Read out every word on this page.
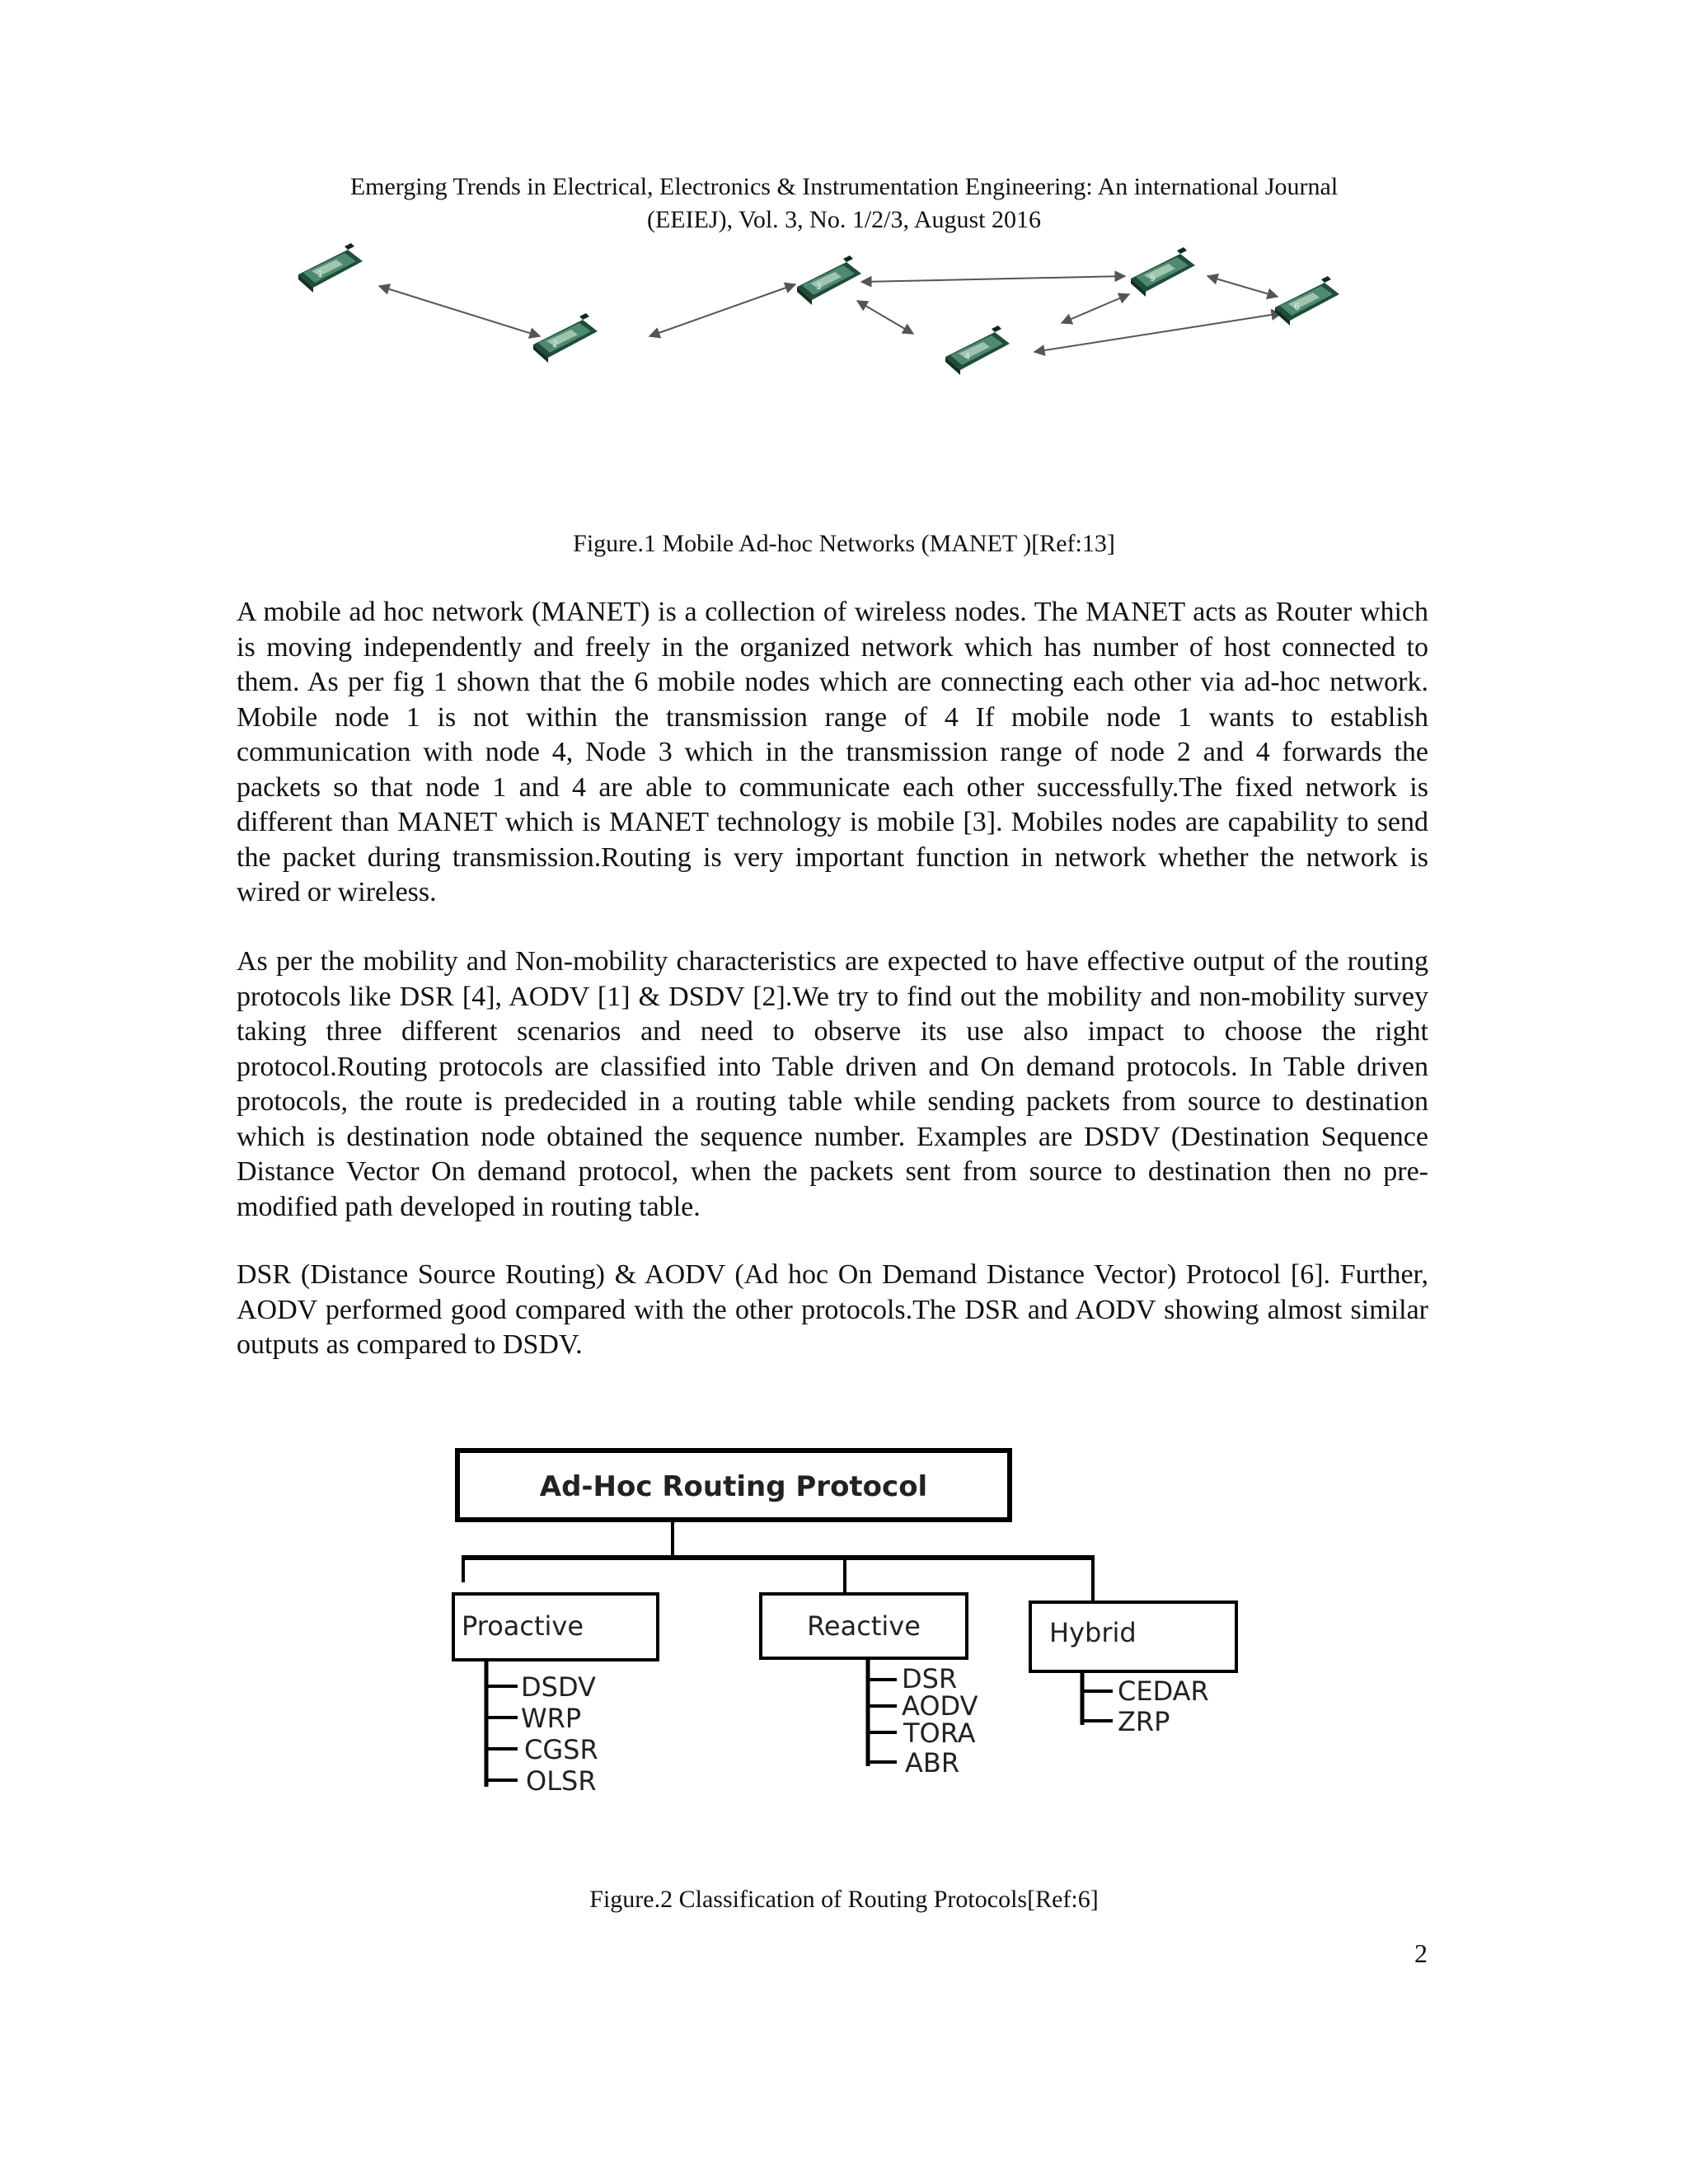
Emerging Trends in Electrical, Electronics & Instrumentation Engineering: An international Journal
(EEIEJ), Vol. 3, No. 1/2/3, August 2016
1
2
3
4
5
6
Figure.1 Mobile Ad-hoc Networks (MANET )[Ref:13]

A mobile ad hoc network (MANET) is a collection of wireless nodes. The MANET acts as Router which is moving independently and freely in the organized network which has number of host connected to them. As per fig 1 shown that the 6 mobile nodes which are connecting each other via ad-hoc network. Mobile node 1 is not within the transmission range of 4 If mobile node 1 wants to establish communication with node 4, Node 3 which in the transmission range of node 2 and 4 forwards the packets so that node 1 and 4 are able to communicate each other successfully.The fixed network is different than MANET which is MANET technology is mobile [3]. Mobiles nodes are capability to send the packet during transmission.Routing is very important function in network whether the network is wired or wireless.

As per the mobility and Non-mobility characteristics are expected to have effective output of the routing protocols like DSR [4], AODV [1] & DSDV [2].We try to find out the mobility and non-mobility survey taking three different scenarios and need to observe its use also impact to choose the right protocol.Routing protocols are classified into Table driven and On demand protocols. In Table driven protocols, the route is predecided in a routing table while sending packets from source to destination which is destination node obtained the sequence number. Examples are DSDV (Destination Sequence Distance Vector On demand protocol, when the packets sent from source to destination then no pre-modified path developed in routing table.

DSR (Distance Source Routing) & AODV (Ad hoc On Demand Distance Vector) Protocol [6]. Further, AODV performed good compared with the other protocols.The DSR and AODV showing almost similar outputs as compared to DSDV.

Ad-Hoc Routing Protocol
Proactive	Reactive	Hybrid
DSDV
WRP
CGSR
OLSR
DSR
AODV
TORA
ABR
CEDAR
ZRP
Figure.2 Classification of Routing Protocols[Ref:6]
2
